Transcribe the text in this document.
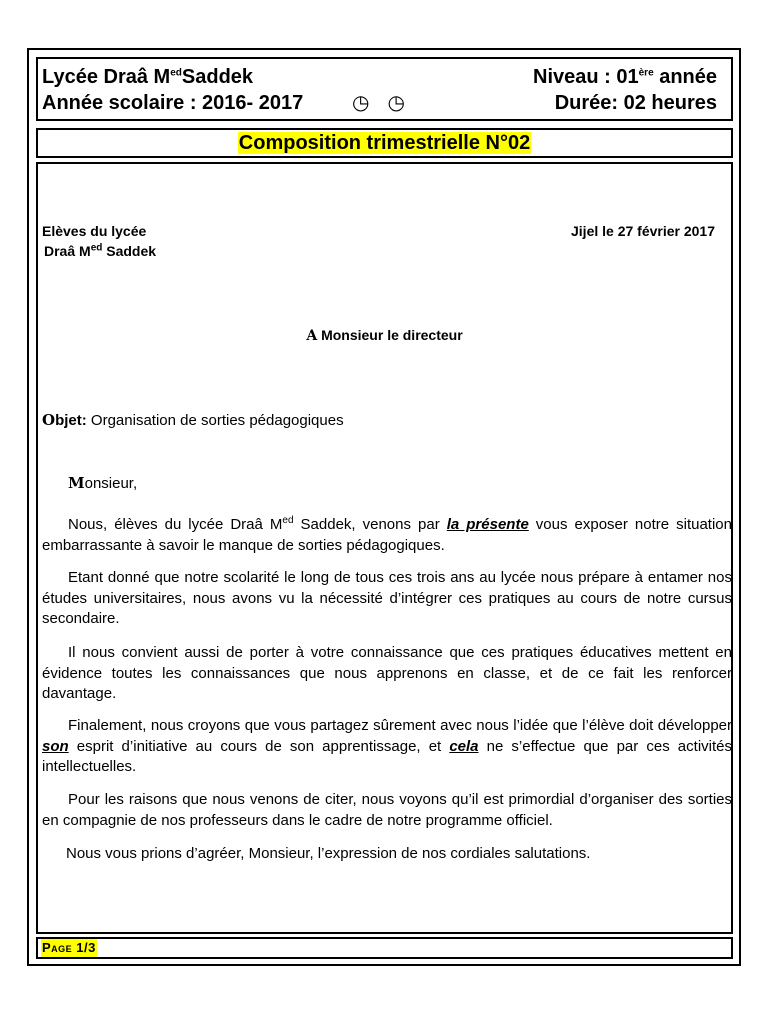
Lycée Draâ $M^{ed}Saddek$
Année scolaire : 2016- 2017 ◷◷
Niveau : 01ère année
Durée: 02 heures
Composition trimestrielle N°02
Elèves du lycée
Draâ $M^{ed}$ Saddek
Jijel le 27 février 2017
A Monsieur le directeur
Objet: Organisation de sorties pédagogiques
Monsieur,

Nous, élèves du lycée Draâ $M^{ed}$ Saddek, venons par la présente vous exposer notre situation embarrassante à savoir le manque de sorties pédagogiques.

Etant donné que notre scolarité le long de tous ces trois ans au lycée nous prépare à entamer nos études universitaires, nous avons vu la nécessité d’intégrer ces pratiques au cours de notre cursus secondaire.

Il nous convient aussi de porter à votre connaissance que ces pratiques éducatives mettent en évidence toutes les connaissances que nous apprenons en classe, et de ce fait les renforcer davantage.

Finalement, nous croyons que vous partagez sûrement avec nous l’idée que l’élève doit développer son esprit d’initiative au cours de son apprentissage, et cela ne s’effectue que par ces activités intellectuelles.

Pour les raisons que nous venons de citer, nous voyons qu’il est primordial d’organiser des sorties en compagnie de nos professeurs dans le cadre de notre programme officiel.

Nous vous prions d’agréer, Monsieur, l’expression de nos cordiales salutations.

Page 1/3
